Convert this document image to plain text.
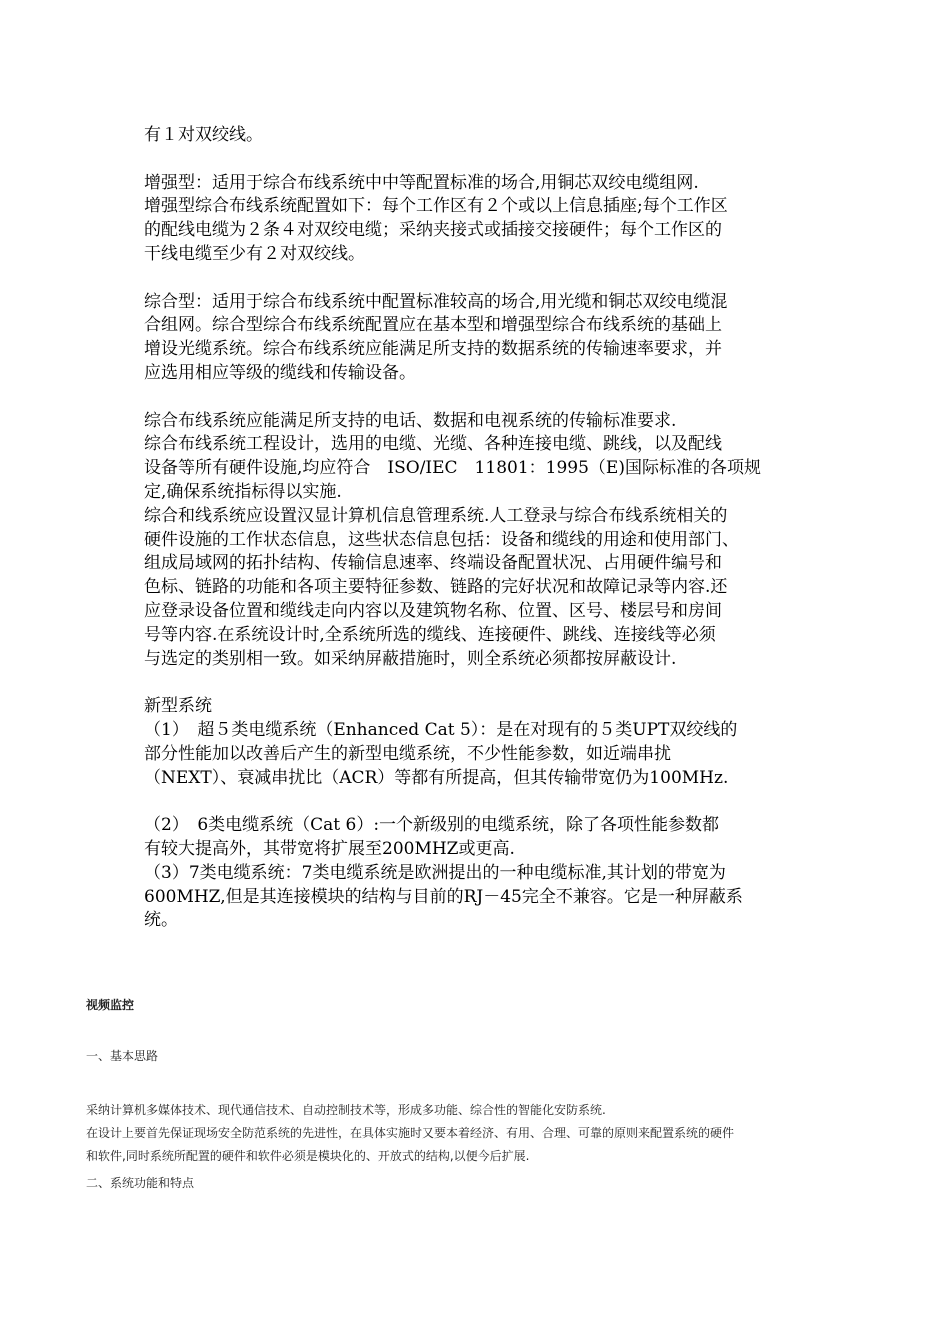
有１对双绞线。

增强型：适用于综合布线系统中中等配置标准的场合,用铜芯双绞电缆组网.

增强型综合布线系统配置如下：每个工作区有２个或以上信息插座;每个工作区

的配线电缆为２条４对双绞电缆；采纳夹接式或插接交接硬件；每个工作区的

干线电缆至少有２对双绞线。

综合型：适用于综合布线系统中配置标准较高的场合,用光缆和铜芯双绞电缆混

合组网。综合型综合布线系统配置应在基本型和增强型综合布线系统的基础上

增设光缆系统。综合布线系统应能满足所支持的数据系统的传输速率要求，并

应选用相应等级的缆线和传输设备。

综合布线系统应能满足所支持的电话、数据和电视系统的传输标准要求.

综合布线系统工程设计，选用的电缆、光缆、各种连接电缆、跳线，以及配线

设备等所有硬件设施,均应符合　ISO/IEC　11801：1995（E)国际标准的各项规

定,确保系统指标得以实施.

综合和线系统应设置汉显计算机信息管理系统.人工登录与综合布线系统相关的

硬件设施的工作状态信息，这些状态信息包括：设备和缆线的用途和使用部门、

组成局域网的拓扑结构、传输信息速率、终端设备配置状况、占用硬件编号和

色标、链路的功能和各项主要特征参数、链路的完好状况和故障记录等内容.还

应登录设备位置和缆线走向内容以及建筑物名称、位置、区号、楼层号和房间

号等内容.在系统设计时,全系统所选的缆线、连接硬件、跳线、连接线等必须

与选定的类别相一致。如采纳屏蔽措施时，则全系统必须都按屏蔽设计.

新型系统

（1）　超５类电缆系统（Enhanced Cat 5）：是在对现有的５类UPT双绞线的

部分性能加以改善后产生的新型电缆系统，不少性能参数，如近端串扰

（NEXT）、衰减串扰比（ACR）等都有所提高，但其传输带宽仍为100MHz.

（2）　6类电缆系统（Cat 6）:一个新级别的电缆系统，除了各项性能参数都

有较大提高外，其带宽将扩展至200MHZ或更高.

（3）7类电缆系统：7类电缆系统是欧洲提出的一种电缆标准,其计划的带宽为

600MHZ,但是其连接模块的结构与目前的RJ－45完全不兼容。它是一种屏蔽系

统。

视频监控
一、基本思路
采纳计算机多媒体技术、现代通信技术、自动控制技术等，形成多功能、综合性的智能化安防系统.
在设计上要首先保证现场安全防范系统的先进性，在具体实施时又要本着经济、有用、合理、可靠的原则来配置系统的硬件
和软件,同时系统所配置的硬件和软件必须是模块化的、开放式的结构,以便今后扩展.
二、系统功能和特点
